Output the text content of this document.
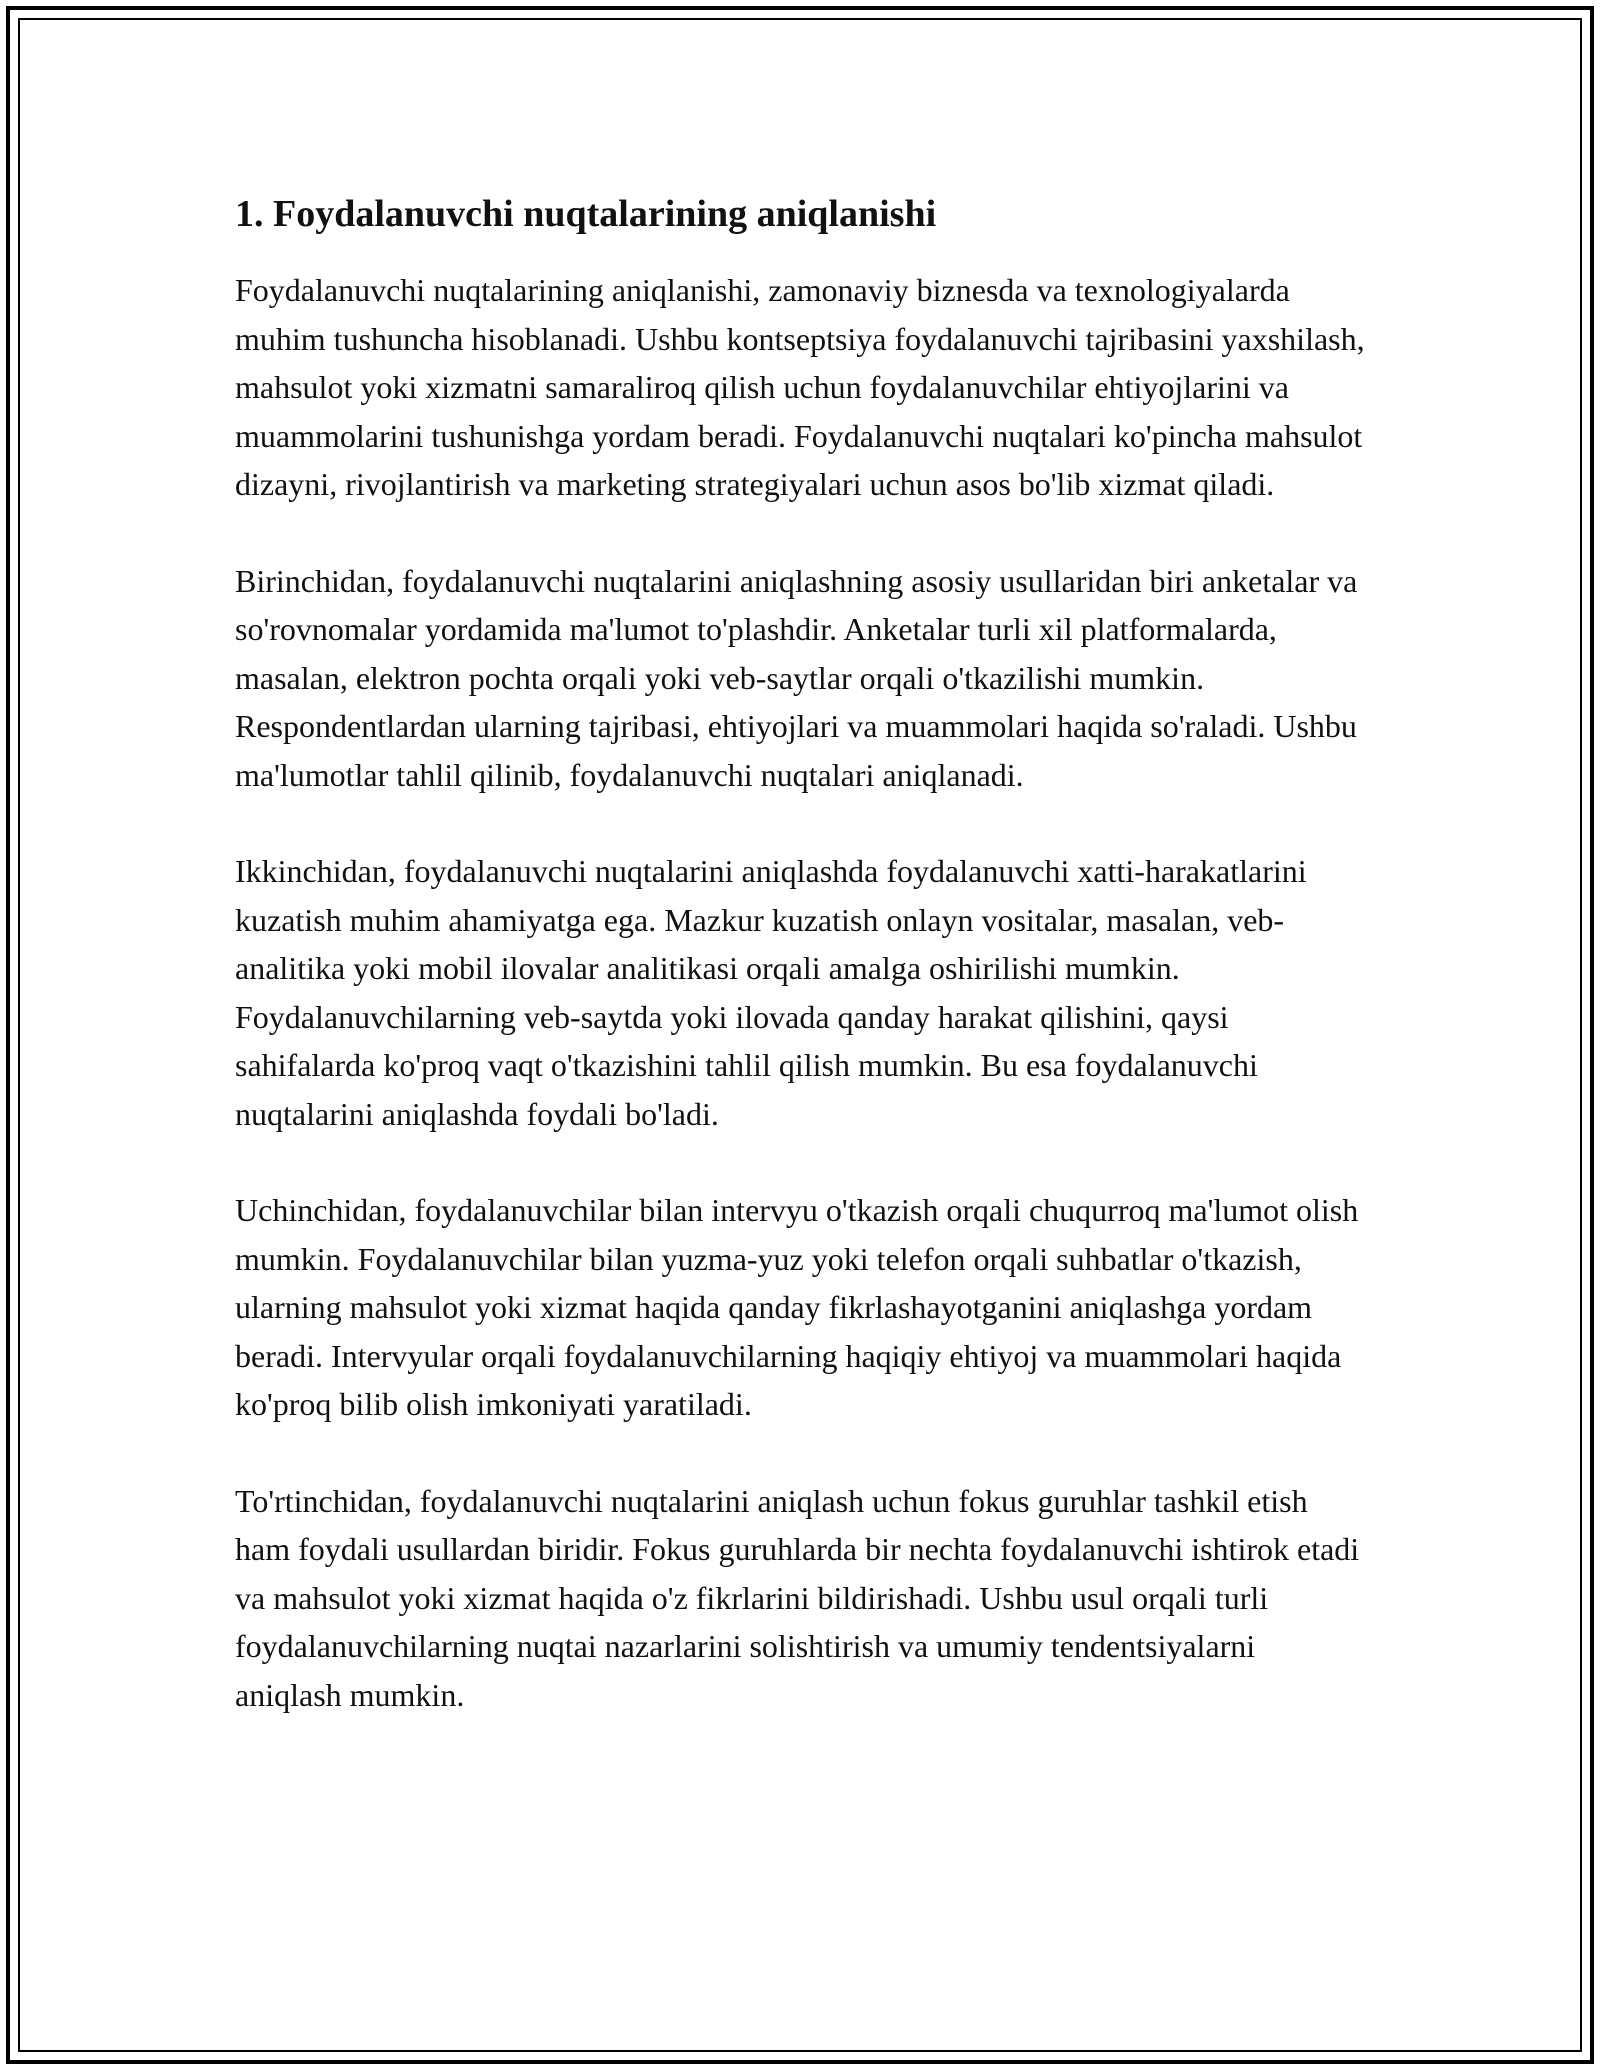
1. Foydalanuvchi nuqtalarining aniqlanishi

Foydalanuvchi nuqtalarining aniqlanishi, zamonaviy biznesda va texnologiyalarda muhim tushuncha hisoblanadi. Ushbu kontseptsiya foydalanuvchi tajribasini yaxshilash, mahsulot yoki xizmatni samaraliroq qilish uchun foydalanuvchilar ehtiyojlarini va muammolarini tushunishga yordam beradi. Foydalanuvchi nuqtalari ko'pincha mahsulot dizayni, rivojlantirish va marketing strategiyalari uchun asos bo'lib xizmat qiladi.

Birinchidan, foydalanuvchi nuqtalarini aniqlashning asosiy usullaridan biri anketalar va so'rovnomalar yordamida ma'lumot to'plashdir. Anketalar turli xil platformalarda, masalan, elektron pochta orqali yoki veb-saytlar orqali o'tkazilishi mumkin. Respondentlardan ularning tajribasi, ehtiyojlari va muammolari haqida so'raladi. Ushbu ma'lumotlar tahlil qilinib, foydalanuvchi nuqtalari aniqlanadi.

Ikkinchidan, foydalanuvchi nuqtalarini aniqlashda foydalanuvchi xatti-harakatlarini kuzatish muhim ahamiyatga ega. Mazkur kuzatish onlayn vositalar, masalan, veb-analitika yoki mobil ilovalar analitikasi orqali amalga oshirilishi mumkin. Foydalanuvchilarning veb-saytda yoki ilovada qanday harakat qilishini, qaysi sahifalarda ko'proq vaqt o'tkazishini tahlil qilish mumkin. Bu esa foydalanuvchi nuqtalarini aniqlashda foydali bo'ladi.

Uchinchidan, foydalanuvchilar bilan intervyu o'tkazish orqali chuqurroq ma'lumot olish mumkin. Foydalanuvchilar bilan yuzma-yuz yoki telefon orqali suhbatlar o'tkazish, ularning mahsulot yoki xizmat haqida qanday fikrlashayotganini aniqlashga yordam beradi. Intervyular orqali foydalanuvchilarning haqiqiy ehtiyoj va muammolari haqida ko'proq bilib olish imkoniyati yaratiladi.

To'rtinchidan, foydalanuvchi nuqtalarini aniqlash uchun fokus guruhlar tashkil etish ham foydali usullardan biridir. Fokus guruhlarda bir nechta foydalanuvchi ishtirok etadi va mahsulot yoki xizmat haqida o'z fikrlarini bildirishadi. Ushbu usul orqali turli foydalanuvchilarning nuqtai nazarlarini solishtirish va umumiy tendentsiyalarni aniqlash mumkin.
